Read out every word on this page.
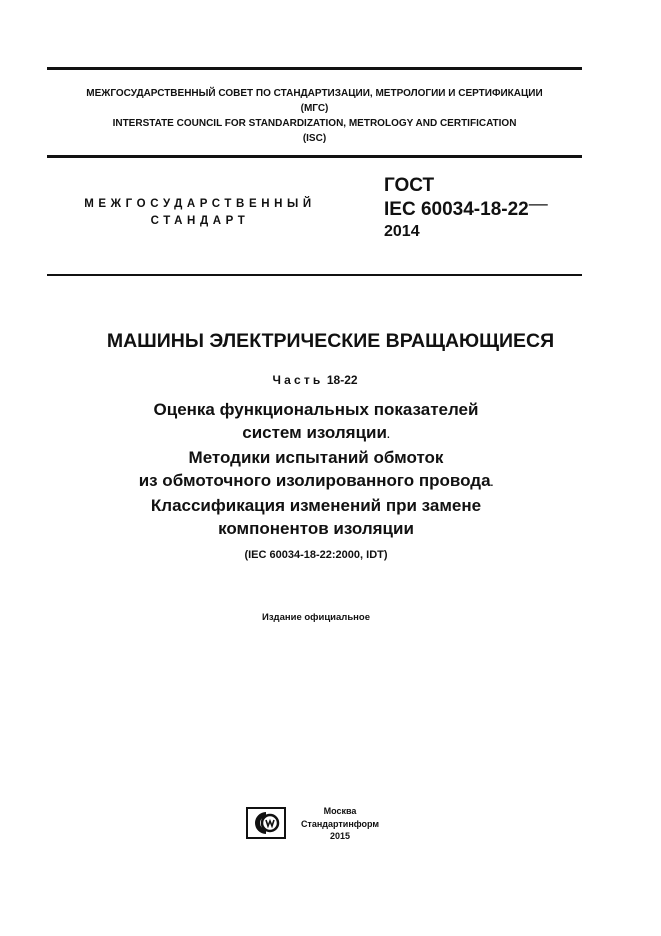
МЕЖГОСУДАРСТВЕННЫЙ СОВЕТ ПО СТАНДАРТИЗАЦИИ, МЕТРОЛОГИИ И СЕРТИФИКАЦИИ
(МГС)
INTERSTATE COUNCIL FOR STANDARDIZATION, METROLOGY AND CERTIFICATION
(ISC)
МЕЖГОСУДАРСТВЕННЫЙ
СТАНДАРТ
ГОСТ
IEC 60034-18-22—
2014
МАШИНЫ ЭЛЕКТРИЧЕСКИЕ ВРАЩАЮЩИЕСЯ
Часть 18-22
Оценка функциональных показателей
систем изоляции.
Методики испытаний обмоток
из обмоточного изолированного провода.
Классификация изменений при замене
компонентов изоляции
(IEC 60034-18-22:2000, IDT)
Издание официальное
Москва
Стандартинформ
2015
